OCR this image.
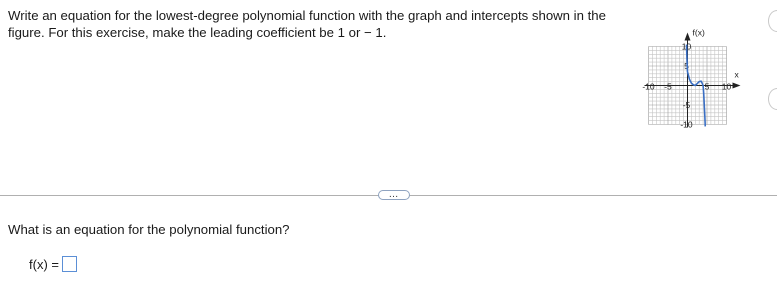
Write an equation for the lowest-degree polynomial function with the graph and intercepts shown in the figure. For this exercise, make the leading coefficient be 1 or − 1.

-10 -5	5 10
10
5
-5
-10
f(x)
x
…

What is an equation for the polynomial function?

f(x) =
